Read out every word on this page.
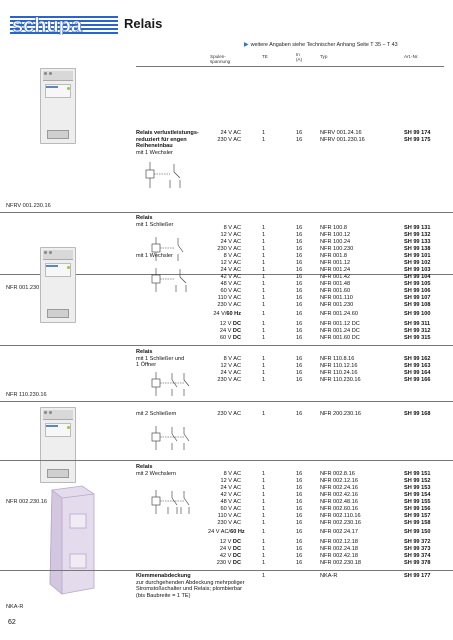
schupa	Relais
▶ weitere Angaben siehe Technischer Anhang Seite T 35 – T 43
Spulen-
spannung
TE	In
(A)
Typ	Art.-Nr.
Relais verlustleistungs-
reduziert für engen
Reiheneinbau
mit 1 Wechsler
24 V AC	1	16	NFRV 001.24.16	SH 99 174
230 V AC	1	16	NFRV 001.230.16	SH 99 175
NFRV 001.230.16
Relais
mit 1 Schließer
8 V AC	1	16	NFR 100.8	SH 99 131
12 V AC	1	16	NFR 100.12	SH 99 132
24 V AC	1	16	NFR 100.24	SH 99 133
230 V AC	1	16	NFR 100.230	SH 99 138
mit 1 Wechsler	8 V AC	1	16	NFR 001.8	SH 99 101
12 V AC	1	16	NFR 001.12	SH 99 102
24 V AC	1	16	NFR 001.24	SH 99 103
42 V AC	1	16	NFR 001.42	SH 99 104
48 V AC	1	16	NFR 001.48	SH 99 105
60 V AC	1	16	NFR 001.60	SH 99 106
110 V AC	1	16	NFR 001.110	SH 99 107
230 V AC	1	16	NFR 001.230	SH 99 108
24 V/60 Hz	1	16	NFR 001.24.60	SH 99 100
12 V DC	1	16	NFR 001.12 DC	SH 99 311
24 V DC	1	16	NFR 001.24 DC	SH 99 312
60 V DC	1	16	NFR 001.60 DC	SH 99 315
NFR 001.230
Relais
mit 1 Schließer und
1 Öffner
8 V AC	1	16	NFR 110.8.16	SH 99 162
12 V AC	1	16	NFR 110.12.16	SH 99 163
24 V AC	1	16	NFR 110.24.16	SH 99 164
230 V AC	1	16	NFR 110.230.16	SH 99 166
NFR 110.230.16
mit 2 Schließern	230 V AC	1	16	NFR 200.230.16	SH 99 168
Relais
mit 2 Wechslern	8 V AC	1	16	NFR 002.8.16	SH 99 151
12 V AC	1	16	NFR 002.12.16	SH 99 152
24 V AC	1	16	NFR 002.24.16	SH 99 153
42 V AC	1	16	NFR 002.42.16	SH 99 154
48 V AC	1	16	NFR 002.48.16	SH 99 155
60 V AC	1	16	NFR 002.60.16	SH 99 156
110 V AC	1	16	NFR 002.110.16	SH 99 157
230 V AC	1	16	NFR 002.230.16	SH 99 158
24 V AC/60 Hz	1	16	NFR 002.24.17	SH 99 150
12 V DC	1	16	NFR 002.12.18	SH 99 372
24 V DC	1	16	NFR 002.24.18	SH 99 373
42 V DC	1	16	NFR 002.42.18	SH 99 374
230 V DC	1	16	NFR 002.230.18	SH 99 378
NFR 002.230.16
Klemmenabdeckung
zur durchgehenden Abdeckung mehrpoliger
Stromstoßschalter und Relais; plombierbar
(bis Baubreite = 1 TE)
1	NKA-R	SH 99 177
NKA-R
62
